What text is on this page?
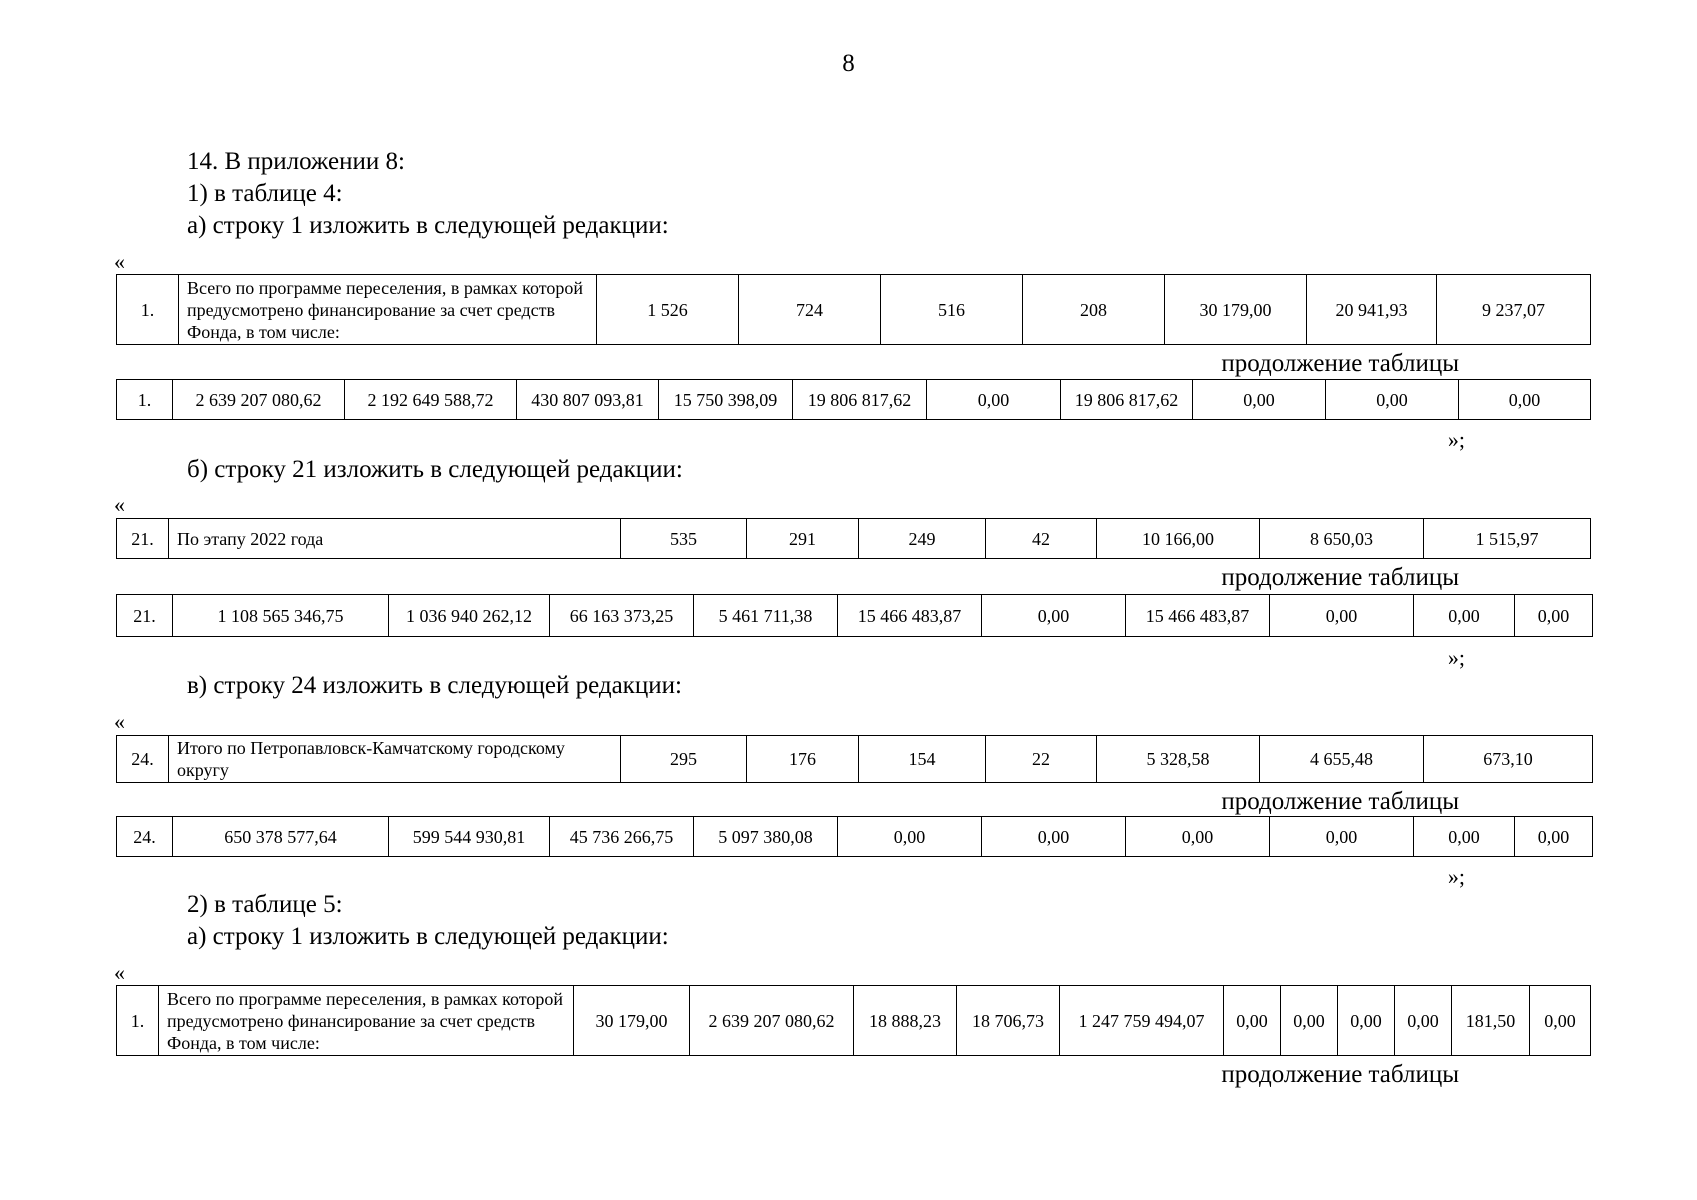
8
14. В приложении 8:
1) в таблице 4:
а) строку 1 изложить в следующей редакции:
«
1.	Всего по программе переселения, в рамках которой предусмотрено финансирование за счет средств Фонда, в том числе:	1 526	724	516	208	30 179,00	20 941,93	9 237,07
продолжение таблицы
1.	2 639 207 080,62	2 192 649 588,72	430 807 093,81	15 750 398,09	19 806 817,62	0,00	19 806 817,62	0,00	0,00	0,00
»;
б) строку 21 изложить в следующей редакции:
«
21.	По этапу 2022 года	535	291	249	42	10 166,00	8 650,03	1 515,97
продолжение таблицы
21.	1 108 565 346,75	1 036 940 262,12	66 163 373,25	5 461 711,38	15 466 483,87	0,00	15 466 483,87	0,00	0,00	0,00
»;
в) строку 24 изложить в следующей редакции:
«
24.	Итого по Петропавловск-Камчатскому городскому округу	295	176	154	22	5 328,58	4 655,48	673,10
продолжение таблицы
24.	650 378 577,64	599 544 930,81	45 736 266,75	5 097 380,08	0,00	0,00	0,00	0,00	0,00	0,00
»;
2) в таблице 5:
а) строку 1 изложить в следующей редакции:
«
1.	Всего по программе переселения, в рамках которой предусмотрено финансирование за счет средств Фонда, в том числе:	30 179,00	2 639 207 080,62	18 888,23	18 706,73	1 247 759 494,07	0,00	0,00	0,00	0,00	181,50	0,00
продолжение таблицы
